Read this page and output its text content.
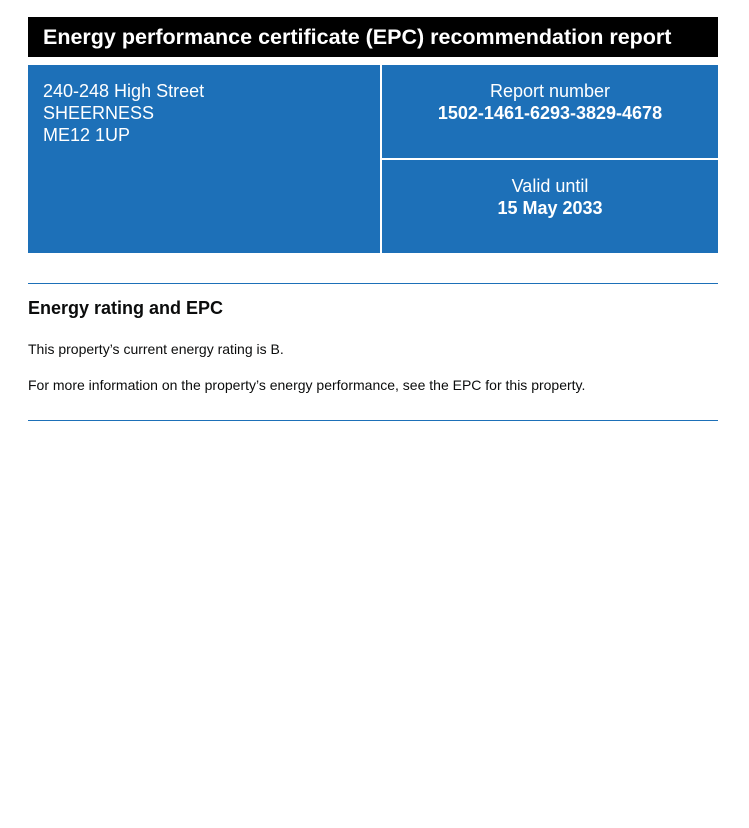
Energy performance certificate (EPC) recommendation report
240-248 High Street
SHEERNESS
ME12 1UP
Report number
1502-1461-6293-3829-4678
Valid until
15 May 2033
Energy rating and EPC

This property’s current energy rating is B.

For more information on the property’s energy performance, see the EPC for this property.
